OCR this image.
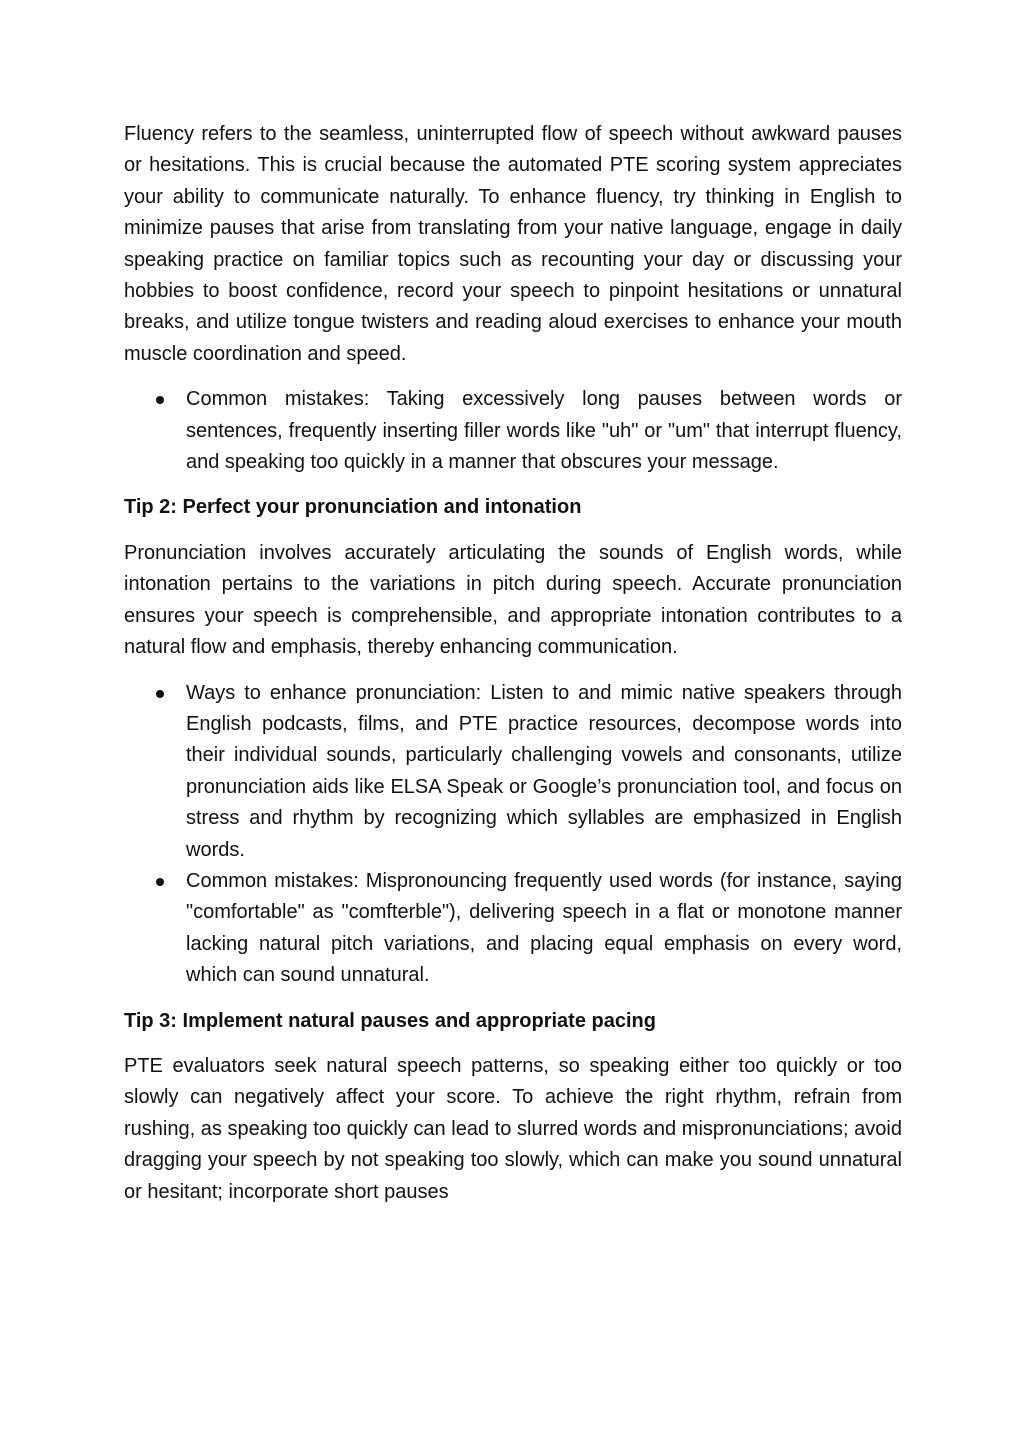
Fluency refers to the seamless, uninterrupted flow of speech without awkward pauses or hesitations. This is crucial because the automated PTE scoring system appreciates your ability to communicate naturally. To enhance fluency, try thinking in English to minimize pauses that arise from translating from your native language, engage in daily speaking practice on familiar topics such as recounting your day or discussing your hobbies to boost confidence, record your speech to pinpoint hesitations or unnatural breaks, and utilize tongue twisters and reading aloud exercises to enhance your mouth muscle coordination and speed.

Common mistakes: Taking excessively long pauses between words or sentences, frequently inserting filler words like "uh" or "um" that interrupt fluency, and speaking too quickly in a manner that obscures your message.

Tip 2: Perfect your pronunciation and intonation

Pronunciation involves accurately articulating the sounds of English words, while intonation pertains to the variations in pitch during speech. Accurate pronunciation ensures your speech is comprehensible, and appropriate intonation contributes to a natural flow and emphasis, thereby enhancing communication.

Ways to enhance pronunciation: Listen to and mimic native speakers through English podcasts, films, and PTE practice resources, decompose words into their individual sounds, particularly challenging vowels and consonants, utilize pronunciation aids like ELSA Speak or Google’s pronunciation tool, and focus on stress and rhythm by recognizing which syllables are emphasized in English words.
Common mistakes: Mispronouncing frequently used words (for instance, saying "comfortable" as "comfterble"), delivering speech in a flat or monotone manner lacking natural pitch variations, and placing equal emphasis on every word, which can sound unnatural.

Tip 3: Implement natural pauses and appropriate pacing

PTE evaluators seek natural speech patterns, so speaking either too quickly or too slowly can negatively affect your score. To achieve the right rhythm, refrain from rushing, as speaking too quickly can lead to slurred words and mispronunciations; avoid dragging your speech by not speaking too slowly, which can make you sound unnatural or hesitant; incorporate short pauses
